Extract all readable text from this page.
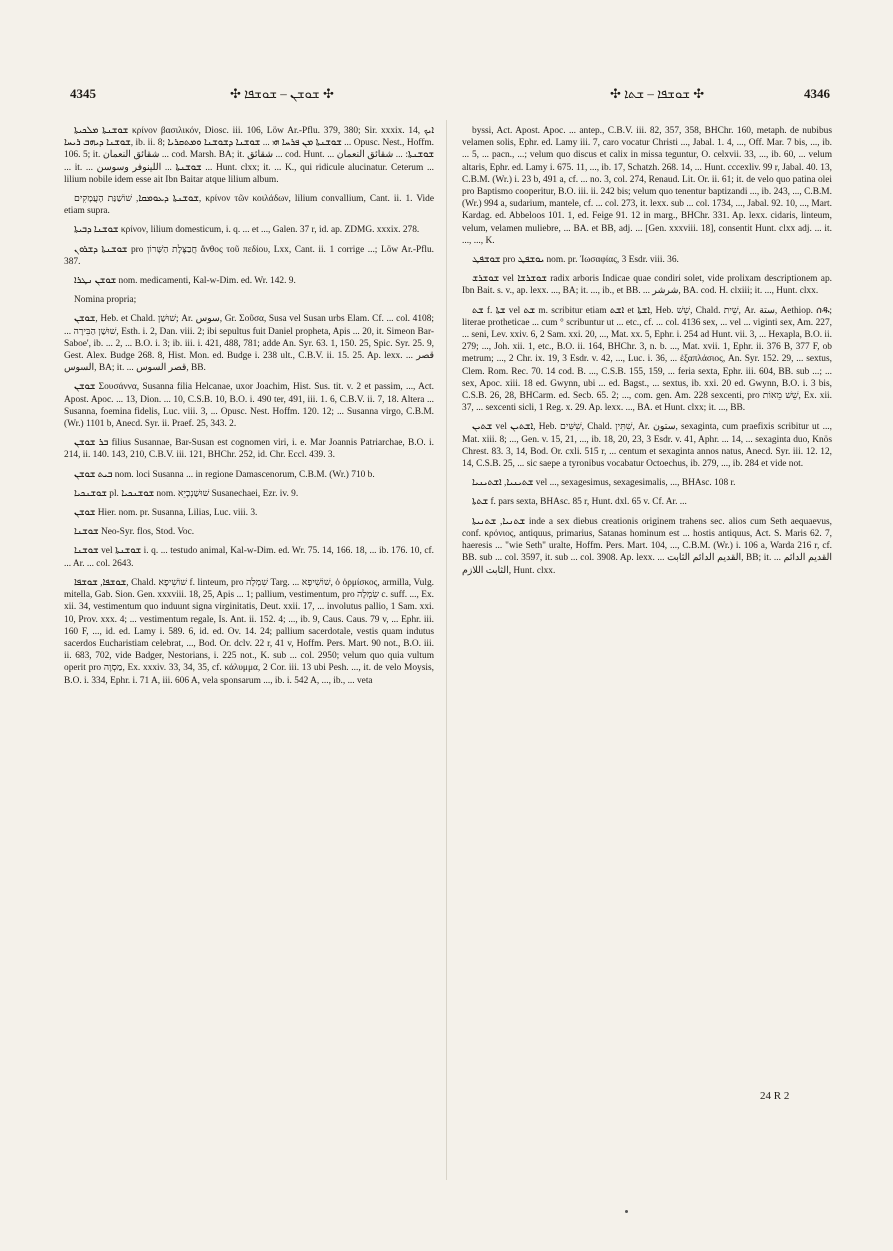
4345	✣ ܫܘܫܢ – ܫܘܫܦܐ ✣	✣ ܫܘܫܦܐ – ܫܬܐ ✣	4346

ܫܘܫܢܬܐ ܡܠܟܝܬܐ κρίνον βασιλικόν, Diosc. iii. 106, Löw Ar.-Pflu. 379, 380; Sir. xxxix. 14, ܐܝܟ ܫܘܫܢܐ ܕܝܗܒ ܪܝܚܐ, ib. ii. 8; ܫܘܫܢܬܐ ܡܢ ܦܪܚܐ ܗܝ ... ܫܘܫܢܐ ܕܫܘܫܢܐ ܘܡܬܩܪܝܐ ... Opusc. Nest., Hoffm. 106. 5; it. شقائق النعمان ... cod. Marsh. BA; it. شقائق ... cod. Hunt. ... ܫܘܫܢܬܐ: ... شقائق النعمان ... it. ... ܫܘܫܢܬܐ ... اللينوفر وسوسن ... Hunt. clxx; it. ... K., qui ridicule alucinatur. Ceterum ... lilium nobile idem esse ait Ibn Baitar atque lilium album.

ܫܘܫܢܬܐ ܕܥܘܡܩܐ, שׁוֹשַׁנַּת הָעֲמָקִים, κρίνον τῶν κοιλάδων, lilium convallium, Cant. ii. 1. Vide etiam supra.

ܫܘܫܢܐ ܕܒܝܬܐ κρίνον, lilium domesticum, i. q. ... et ..., Galen. 37 r, id. ap. ZDMG. xxxix. 278.

ܫܘܫܢܬܐ ܕܫܪܘܢ pro חֲבַצֶּלֶת הַשָּׁרוֹן ἄνθος τοῦ πεδίου, Lxx, Cant. ii. 1 corrige ...; Löw Ar.-Pflu. 387.

ܫܘܫܢ ܢܛܪܐ nom. medicamenti, Kal-w-Dim. ed. Wr. 142. 9.

Nomina propria;

ܫܘܫܢ, Heb. et Chald. שׁוּשַׁן; Ar. سوس, Gr. Σοῦσα, Susa vel Susan urbs Elam. Cf. ... col. 4108; ... שׁוּשַׁן הַבִּירָה, Esth. i. 2, Dan. viii. 2; ibi sepultus fuit Daniel propheta, Apis ... 20, it. Simeon Bar-Saboe', ib. ... 2, ... B.O. i. 3; ib. iii. i. 421, 488, 781; adde An. Syr. 63. 1, 150. 25, Spic. Syr. 25. 9, Gest. Alex. Budge 268. 8, Hist. Mon. ed. Budge i. 238 ult., C.B.V. ii. 15. 25. Ap. lexx. ... قصر السوس, BA; it. ... قصر السوس, BB.

ܫܘܫܢ Σουσάννα, Susanna filia Helcanae, uxor Joachim, Hist. Sus. tit. v. 2 et passim, ..., Act. Apost. Apoc. ... 13, Dion. ... 10, C.S.B. 10, B.O. i. 490 ter, 491, iii. 1. 6, C.B.V. ii. 7, 18. Altera ... Susanna, foemina fidelis, Luc. viii. 3, ... Opusc. Nest. Hoffm. 120. 12; ... Susanna virgo, C.B.M. (Wr.) 1101 b, Anecd. Syr. ii. Praef. 25, 343. 2.

ܒܪ ܫܘܫܢ filius Susannae, Bar-Susan est cognomen viri, i. e. Mar Joannis Patriarchae, B.O. i. 214, ii. 140. 143, 210, C.B.V. iii. 121, BHChr. 252, id. Chr. Eccl. 439. 3.

ܒܝܬ ܫܘܫܢ nom. loci Susanna ... in regione Damascenorum, C.B.M. (Wr.) 710 b.

ܫܘܫܢܟܝܐ pl. ܫܘܫܢܟܝܐ nom. שׁוּשַׁנְכָיֵא Susanechaei, Ezr. iv. 9.

ܫܘܫܢ Hier. nom. pr. Susanna, Lilias, Luc. viii. 3.

ܫܘܫܢܐ Neo-Syr. flos, Stod. Voc.

ܫܘܫܢܐ vel ܫܘܫܢܬܐ i. q. ... testudo animal, Kal-w-Dim. ed. Wr. 75. 14, 166. 18, ... ib. 176. 10, cf. ... Ar. ... col. 2643.

ܫܘܫܦܐ, ܫܘܫܦܐ, Chald. שׁוֹשִׁיפָא f. linteum, pro שִׁמְלָה Targ. ... שׁוֹשִׁיפָא, ὁ ὁρμίσκος, armilla, Vulg. mitella, Gab. Sion. Gen. xxxviii. 18, 25, Apis ... 1; pallium, vestimentum, pro שִׂמְלָה c. suff. ..., Ex. xii. 34, vestimentum quo induunt signa virginitatis, Deut. xxii. 17, ... involutus pallio, 1 Sam. xxi. 10, Prov. xxx. 4; ... vestimentum regale, Is. Ant. ii. 152. 4; ..., ib. 9, Caus. Caus. 79 v, ... Ephr. iii. 160 F, ..., id. ed. Lamy i. 589. 6, id. ed. Ov. 14. 24; pallium sacerdotale, vestis quam indutus sacerdos Eucharistiam celebrat, ..., Bod. Or. dclv. 22 r, 41 v, Hoffm. Pers. Mart. 90 not., B.O. iii. ii. 683, 702, vide Badger, Nestorians, i. 225 not., K. sub ... col. 2950; velum quo quia vultum operit pro מַסְוֶה, Ex. xxxiv. 33, 34, 35, cf. κάλυμμα, 2 Cor. iii. 13 ubi Pesh. ..., it. de velo Moysis, B.O. i. 334, Ephr. i. 71 A, iii. 606 A, vela sponsarum ..., ib. i. 542 A, ..., ib., ... veta

byssi, Act. Apost. Apoc. ... antep., C.B.V. iii. 82, 357, 358, BHChr. 160, metaph. de nubibus velamen solis, Ephr. ed. Lamy iii. 7, caro vocatur Christi ..., Jabal. 1. 4, ..., Off. Mar. 7 bis, ..., ib. ... 5, ... pacn., ...; velum quo discus et calix in missa teguntur, O. celxvii. 33, ..., ib. 60, ... velum altaris, Ephr. ed. Lamy i. 675. 11, ..., ib. 17, Schatzh. 268. 14, ... Hunt. cccexliv. 99 r, Jabal. 40. 13, C.B.M. (Wr.) i. 23 b, 491 a, cf. ... no. 3, col. 274, Renaud. Lit. Or. ii. 61; it. de velo quo patina olei pro Baptismo cooperitur, B.O. iii. ii. 242 bis; velum quo tenentur baptizandi ..., ib. 243, ..., C.B.M. (Wr.) 994 a, sudarium, mantele, cf. ... col. 273, it. lexx. sub ... col. 1734, ..., Jabal. 92. 10, ..., Mart. Kardag. ed. Abbeloos 101. 1, ed. Feige 91. 12 in marg., BHChr. 331. Ap. lexx. cidaris, linteum, velum, velamen muliebre, ... BA. et BB, adj. ... [Gen. xxxviii. 18], consentit Hunt. clxx adj. ... it. ..., ..., K.

ܫܘܫܦܛ pro ܝܘܫܦܛ nom. pr. Ἰωσαφίας, 3 Esdr. viii. 36.

ܫܘܫܪܫ vel ܫܘܫܪܫܐ radix arboris Indicae quae condiri solet, vide prolixam descriptionem ap. Ibn Bait. s. v., ap. lexx. ..., BA; it. ..., ib., et BB. ... شرشر, BA. cod. H. clxiii; it. ..., Hunt. clxx.

ܫܬ f. ܫܬܐ vel ܫܬ m. scribitur etiam ܐܫܬ et ܐܫܬܐ, Heb. שֵׁשׁ, Chald. שֵׁית, Ar. ستة, Aethiop. ሰዱ; literae protheticae ... cum ° scribuntur ut ... etc., cf. ... col. 4136 sex, ... vel ... viginti sex, Am. 227, ... seni, Lev. xxiv. 6, 2 Sam. xxi. 20, ..., Mat. xx. 5, Ephr. i. 254 ad Hunt. vii. 3, ... Hexapla, B.O. ii. 279; ..., Joh. xii. 1, etc., B.O. ii. 164, BHChr. 3, n. b. ..., Mat. xvii. 1, Ephr. ii. 376 B, 377 F, ob metrum; ..., 2 Chr. ix. 19, 3 Esdr. v. 42, ..., Luc. i. 36, ... ἑξαπλάσιος, An. Syr. 152. 29, ... sextus, Clem. Rom. Rec. 70. 14 cod. B. ..., C.S.B. 155, 159, ... feria sexta, Ephr. iii. 604, BB. sub ...; ... sex, Apoc. xiii. 18 ed. Gwynn, ubi ... ed. Bagst., ... sextus, ib. xxi. 20 ed. Gwynn, B.O. i. 3 bis, C.S.B. 26, 28, BHCarm. ed. Secb. 65. 2; ..., com. gen. Am. 228 sexcenti, pro שֵׁשׁ מֵאוֹת, Ex. xii. 37, ... sexcenti sicli, 1 Reg. x. 29. Ap. lexx. ..., BA. et Hunt. clxx; it. ..., BB.

ܫܬܝܢ vel ܐܫܬܝܢ, Heb. שִׁשִּׁים, Chald. שִׁתִּין, Ar. ستون, sexaginta, cum praefixis scribitur ut ..., Mat. xiii. 8; ..., Gen. v. 15, 21, ..., ib. 18, 20, 23, 3 Esdr. v. 41, Aphr. ... 14, ... sexaginta duo, Knös Chrest. 83. 3, 14, Bod. Or. cxli. 515 r, ... centum et sexaginta annos natus, Anecd. Syr. iii. 12. 12, 14, C.S.B. 25, ... sic saepe a tyronibus vocabatur Octoechus, ib. 279, ..., ib. 284 et vide not.

ܫܬܝܢܝܐ, ܐܫܬܝܢܝܐ vel ..., sexagesimus, sexagesimalis, ..., BHAsc. 108 r.

ܫܬܬܐ f. pars sexta, BHAsc. 85 r, Hunt. dxl. 65 v. Cf. Ar. ...

ܫܬܢܝܐ, ܫܬܢܝܬܐ inde a sex diebus creationis originem trahens sec. alios cum Seth aequaevus, conf. κρόνιος, antiquus, primarius, Satanas hominum est ... hostis antiquus, Act. S. Maris 62. 7, haeresis ... "wie Seth" uralte, Hoffm. Pers. Mart. 104, ..., C.B.M. (Wr.) i. 106 a, Warda 216 r, cf. BB. sub ... col. 3597, it. sub ... col. 3908. Ap. lexx. ... القديم الدائم الثابت, BB; it. ... القديم الدائم الثابت اللازم, Hunt. clxx.

24 R 2
